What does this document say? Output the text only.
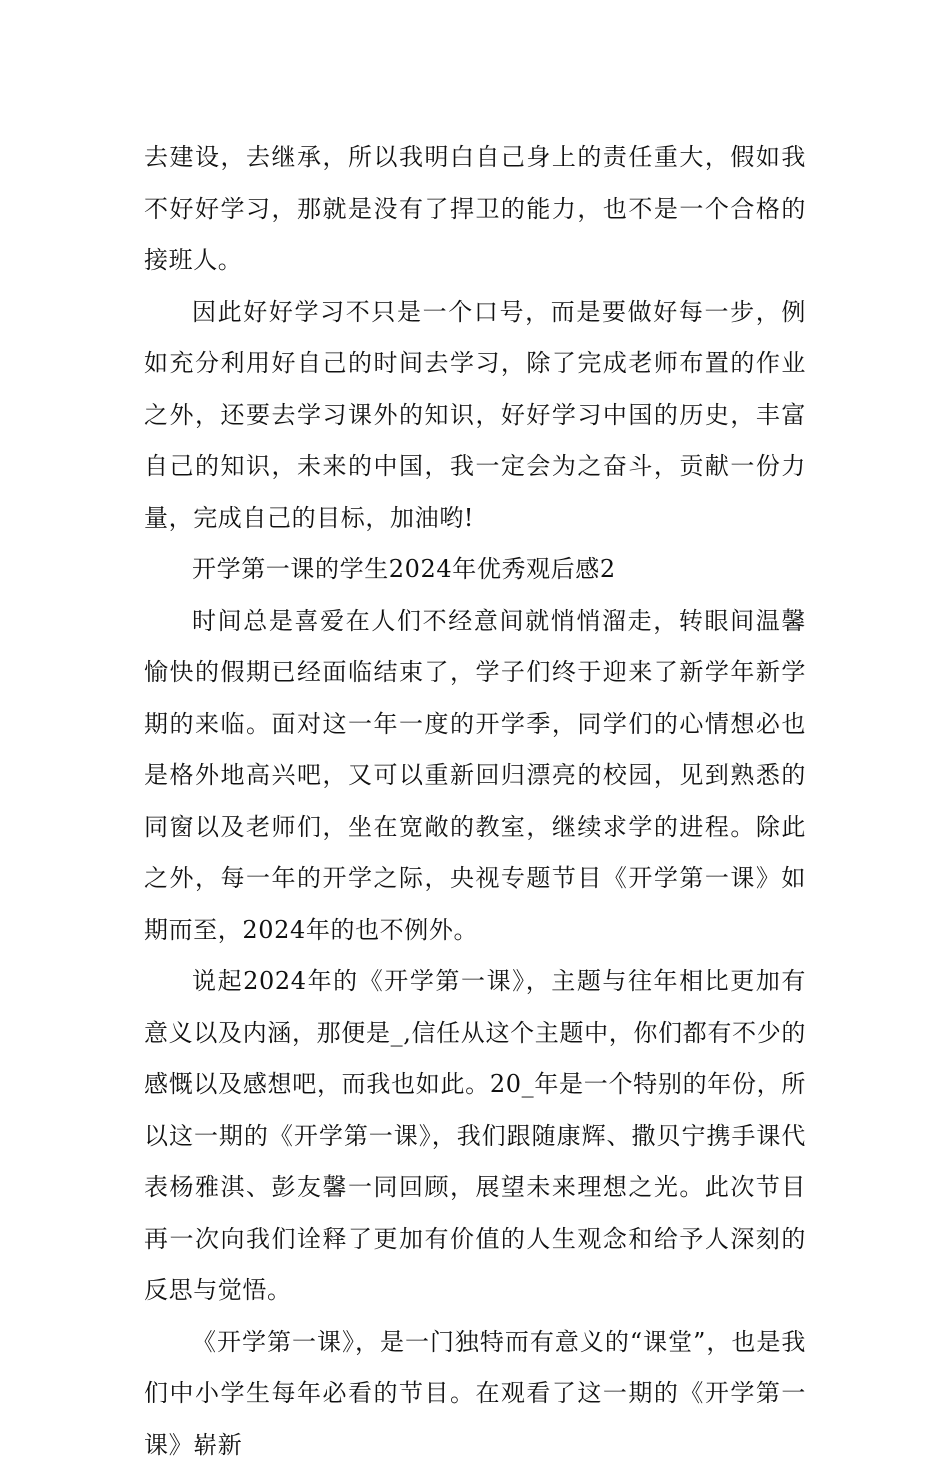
去建设，去继承，所以我明白自己身上的责任重大，假如我不好好学习，那就是没有了捍卫的能力，也不是一个合格的接班人。

因此好好学习不只是一个口号，而是要做好每一步，例如充分利用好自己的时间去学习，除了完成老师布置的作业之外，还要去学习课外的知识，好好学习中国的历史，丰富自己的知识，未来的中国，我一定会为之奋斗，贡献一份力量，完成自己的目标，加油哟!

开学第一课的学生2024年优秀观后感2

时间总是喜爱在人们不经意间就悄悄溜走，转眼间温馨愉快的假期已经面临结束了，学子们终于迎来了新学年新学期的来临。面对这一年一度的开学季，同学们的心情想必也是格外地高兴吧，又可以重新回归漂亮的校园，见到熟悉的同窗以及老师们，坐在宽敞的教室，继续求学的进程。除此之外，每一年的开学之际，央视专题节目《开学第一课》如期而至，2024年的也不例外。

说起2024年的《开学第一课》，主题与往年相比更加有意义以及内涵，那便是_,信任从这个主题中，你们都有不少的感慨以及感想吧，而我也如此。20_年是一个特别的年份，所以这一期的《开学第一课》，我们跟随康辉、撒贝宁携手课代表杨雅淇、彭友馨一同回顾，展望未来理想之光。此次节目再一次向我们诠释了更加有价值的人生观念和给予人深刻的反思与觉悟。

《开学第一课》，是一门独特而有意义的“课堂”，也是我们中小学生每年必看的节目。在观看了这一期的《开学第一课》崭新
